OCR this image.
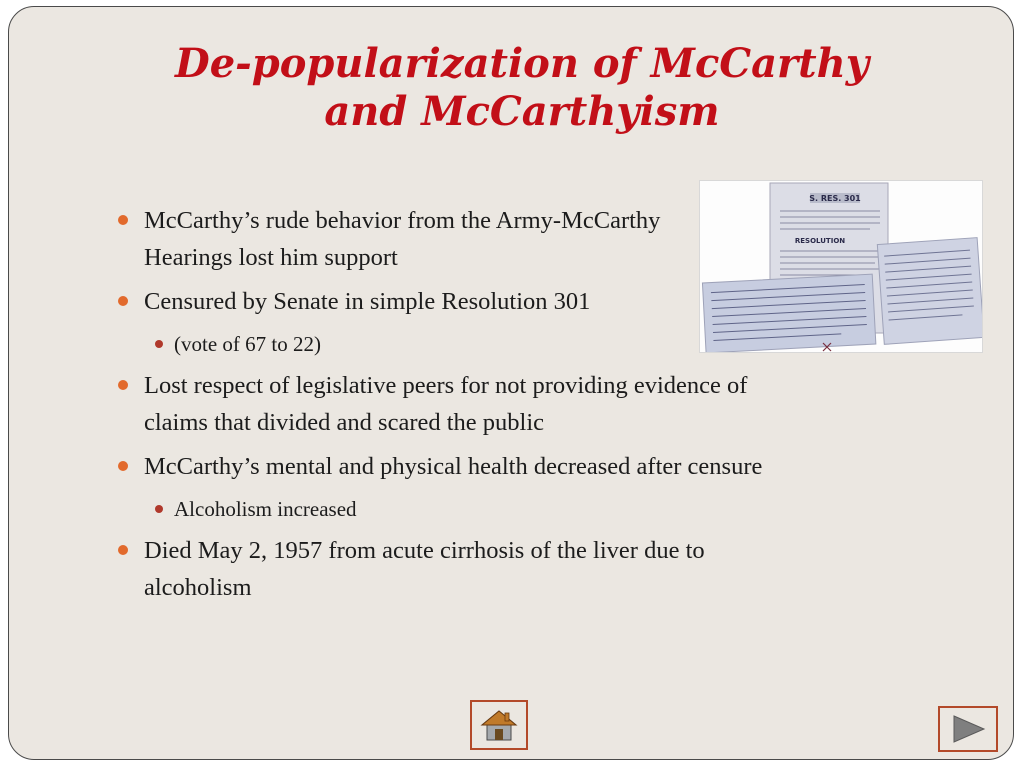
De-popularization of McCarthy
and McCarthyism
McCarthy’s rude behavior from the Army-McCarthy Hearings lost him support
Censured by Senate in simple Resolution 301
(vote of 67 to 22)
Lost respect of legislative peers for not providing evidence of claims that divided and scared the public
McCarthy’s mental and physical health decreased after censure
Alcoholism increased
Died May 2, 1957 from acute cirrhosis of the liver due to alcoholism
S. RES. 301
RESOLUTION
